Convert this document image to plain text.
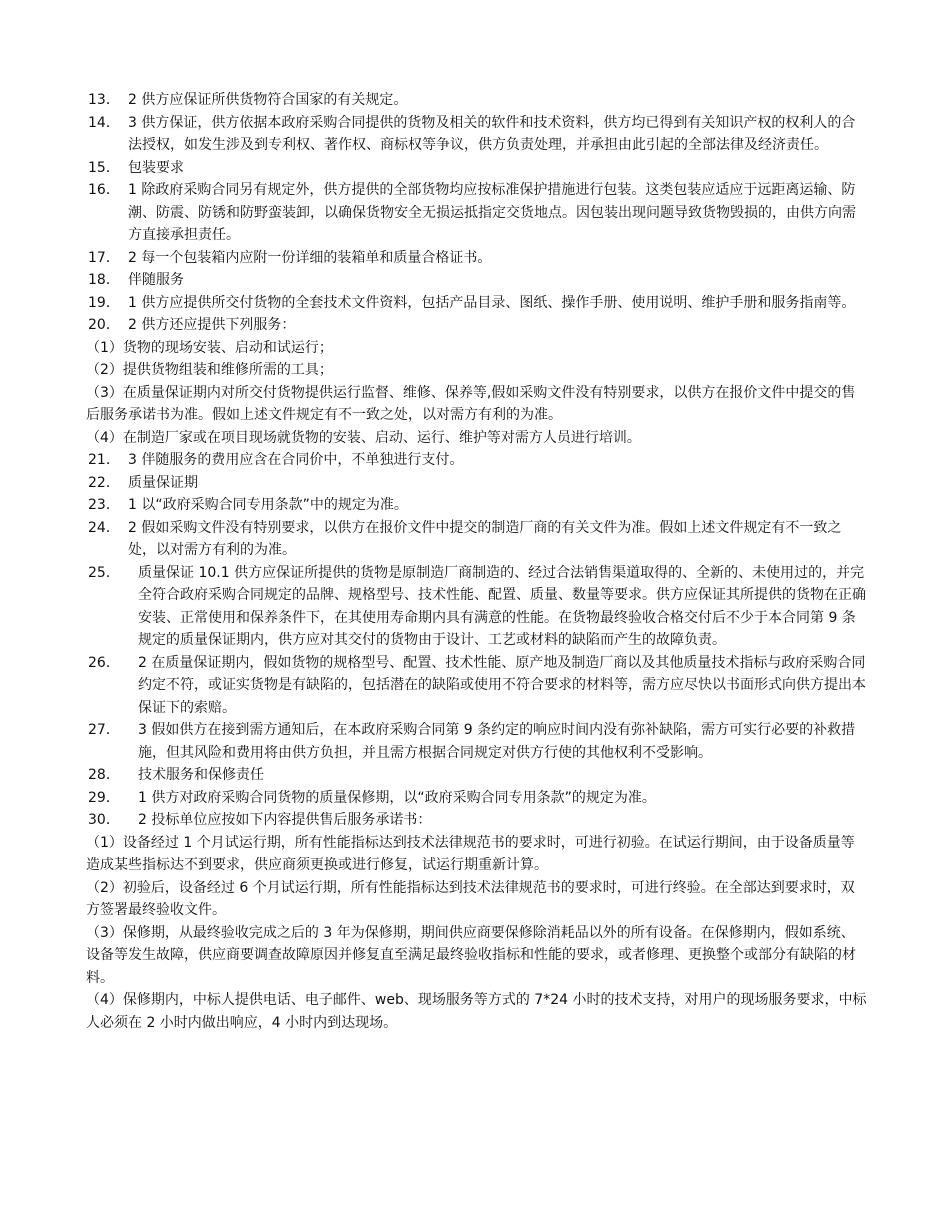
13． 2 供方应保证所供货物符合国家的有关规定。
14． 3 供方保证，供方依据本政府采购合同提供的货物及相关的软件和技术资料，供方均已得到有关知识产权的权利人的合法授权，如发生涉及到专利权、著作权、商标权等争议，供方负责处理，并承担由此引起的全部法律及经济责任。
15． 包装要求
16． 1 除政府采购合同另有规定外，供方提供的全部货物均应按标准保护措施进行包装。这类包装应适应于远距离运输、防潮、防震、防锈和防野蛮装卸，以确保货物安全无损运抵指定交货地点。因包装出现问题导致货物毁损的，由供方向需方直接承担责任。
17． 2 每一个包装箱内应附一份详细的装箱单和质量合格证书。
18． 伴随服务
19． 1 供方应提供所交付货物的全套技术文件资料，包括产品目录、图纸、操作手册、使用说明、维护手册和服务指南等。
20． 2 供方还应提供下列服务：
（1）货物的现场安装、启动和试运行；
（2）提供货物组装和维修所需的工具；
（3）在质量保证期内对所交付货物提供运行监督、维修、保养等,假如采购文件没有特别要求，以供方在报价文件中提交的售后服务承诺书为准。假如上述文件规定有不一致之处，以对需方有利的为准。
（4）在制造厂家或在项目现场就货物的安装、启动、运行、维护等对需方人员进行培训。
21． 3 伴随服务的费用应含在合同价中，不单独进行支付。
22． 质量保证期
23． 1 以“政府采购合同专用条款”中的规定为准。
24． 2 假如采购文件没有特别要求，以供方在报价文件中提交的制造厂商的有关文件为准。假如上述文件规定有不一致之处，以对需方有利的为准。
25．	质量保证 10.1 供方应保证所提供的货物是原制造厂商制造的、经过合法销售渠道取得的、全新的、未使用过的，并完全符合政府采购合同规定的品牌、规格型号、技术性能、配置、质量、数量等要求。供方应保证其所提供的货物在正确安装、正常使用和保养条件下，在其使用寿命期内具有满意的性能。在货物最终验收合格交付后不少于本合同第 9 条规定的质量保证期内，供方应对其交付的货物由于设计、工艺或材料的缺陷而产生的故障负责。
26．	2 在质量保证期内，假如货物的规格型号、配置、技术性能、原产地及制造厂商以及其他质量技术指标与政府采购合同约定不符，或证实货物是有缺陷的，包括潜在的缺陷或使用不符合要求的材料等，需方应尽快以书面形式向供方提出本保证下的索赔。
27．	3 假如供方在接到需方通知后，在本政府采购合同第 9 条约定的响应时间内没有弥补缺陷，需方可实行必要的补救措施，但其风险和费用将由供方负担，并且需方根据合同规定对供方行使的其他权利不受影响。
28．	技术服务和保修责任
29．	1 供方对政府采购合同货物的质量保修期，以“政府采购合同专用条款”的规定为准。
30．	2 投标单位应按如下内容提供售后服务承诺书：
（1）设备经过 1 个月试运行期，所有性能指标达到技术法律规范书的要求时，可进行初验。在试运行期间，由于设备质量等造成某些指标达不到要求，供应商须更换或进行修复，试运行期重新计算。
（2）初验后，设备经过 6 个月试运行期，所有性能指标达到技术法律规范书的要求时，可进行终验。在全部达到要求时，双方签署最终验收文件。
（3）保修期，从最终验收完成之后的 3 年为保修期，期间供应商要保修除消耗品以外的所有设备。在保修期内，假如系统、设备等发生故障，供应商要调查故障原因并修复直至满足最终验收指标和性能的要求，或者修理、更换整个或部分有缺陷的材料。
（4）保修期内，中标人提供电话、电子邮件、web、现场服务等方式的 7*24 小时的技术支持，对用户的现场服务要求，中标人必须在 2 小时内做出响应，4 小时内到达现场。
